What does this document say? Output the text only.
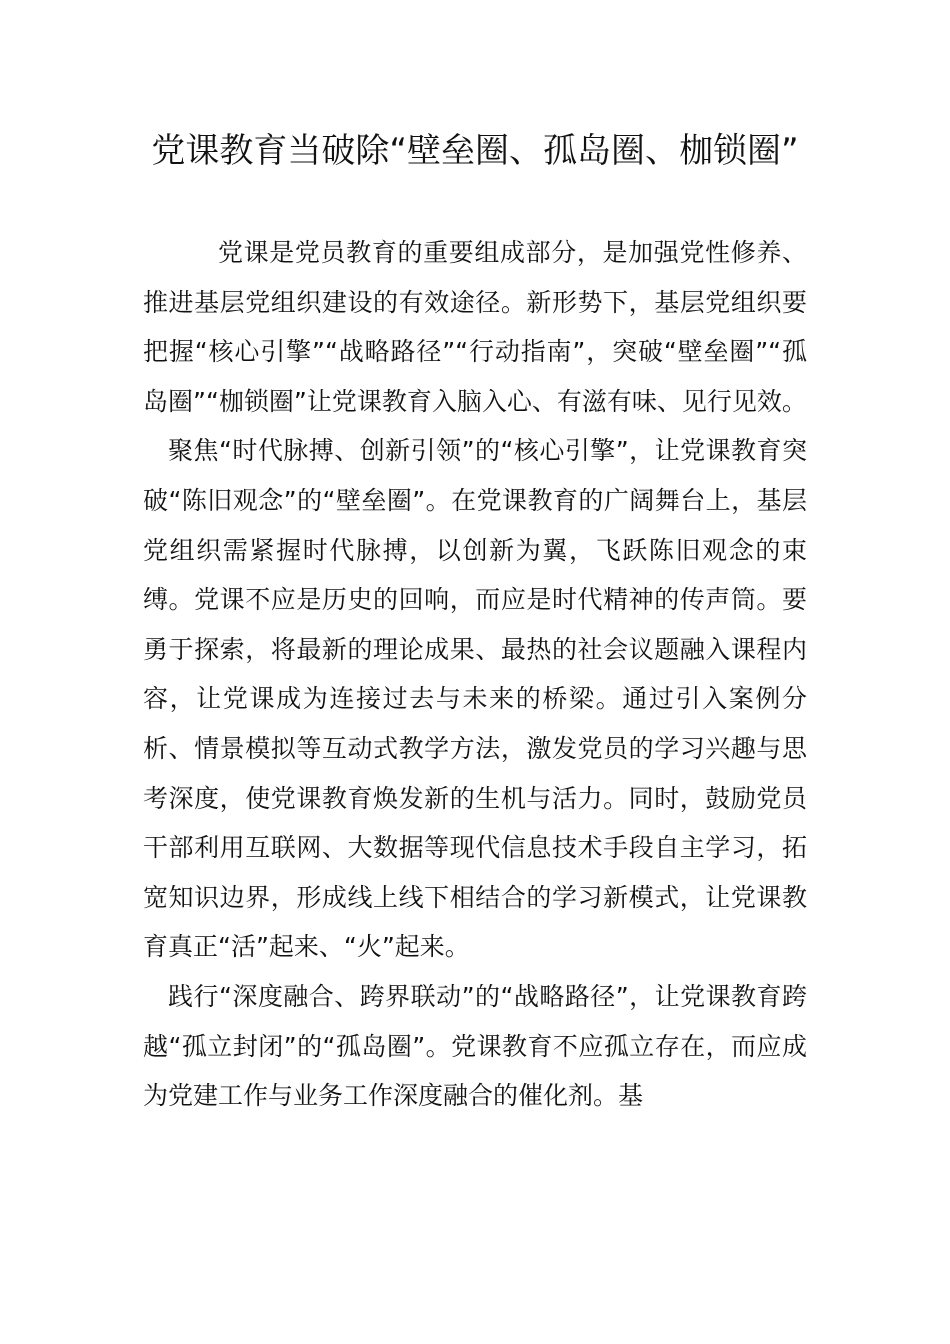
党课教育当破除“壁垒圈、孤岛圈、枷锁圈”

党课是党员教育的重要组成部分，是加强党性修养、推进基层党组织建设的有效途径。新形势下，基层党组织要把握“核心引擎”“战略路径”“行动指南”，突破“壁垒圈”“孤岛圈”“枷锁圈”让党课教育入脑入心、有滋有味、见行见效。

聚焦“时代脉搏、创新引领”的“核心引擎”，让党课教育突破“陈旧观念”的“壁垒圈”。在党课教育的广阔舞台上，基层党组织需紧握时代脉搏，以创新为翼，飞跃陈旧观念的束缚。党课不应是历史的回响，而应是时代精神的传声筒。要勇于探索，将最新的理论成果、最热的社会议题融入课程内容，让党课成为连接过去与未来的桥梁。通过引入案例分析、情景模拟等互动式教学方法，激发党员的学习兴趣与思考深度，使党课教育焕发新的生机与活力。同时，鼓励党员干部利用互联网、大数据等现代信息技术手段自主学习，拓宽知识边界，形成线上线下相结合的学习新模式，让党课教育真正“活”起来、“火”起来。

践行“深度融合、跨界联动”的“战略路径”，让党课教育跨越“孤立封闭”的“孤岛圈”。党课教育不应孤立存在，而应成为党建工作与业务工作深度融合的催化剂。基
